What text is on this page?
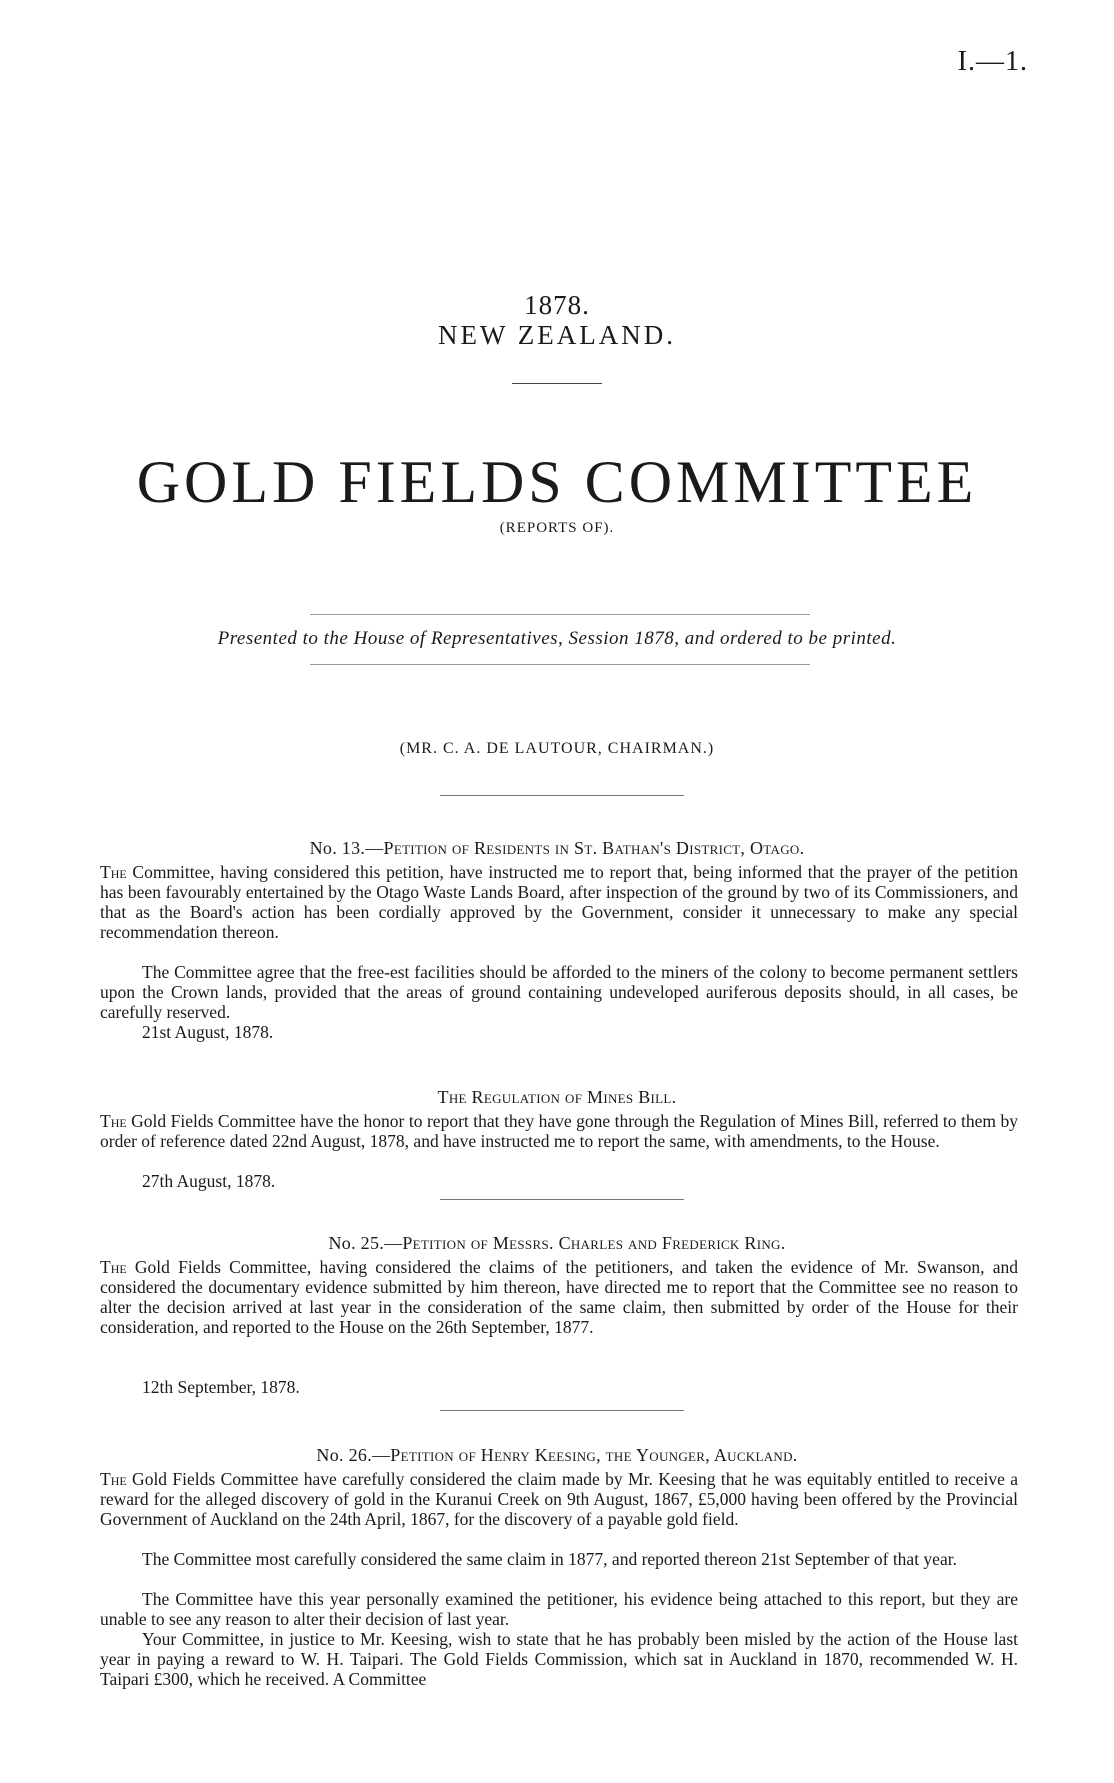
I.—1.
1878.
NEW ZEALAND.
GOLD FIELDS COMMITTEE
(REPORTS OF).
Presented to the House of Representatives, Session 1878, and ordered to be printed.
(MR. C. A. DE LAUTOUR, CHAIRMAN.)
No. 13.—Petition of Residents in St. Bathan's District, Otago.

The Committee, having considered this petition, have instructed me to report that, being informed that the prayer of the petition has been favourably entertained by the Otago Waste Lands Board, after inspection of the ground by two of its Commissioners, and that as the Board's action has been cordially approved by the Government, consider it unnecessary to make any special recommendation thereon.

The Committee agree that the free-est facilities should be afforded to the miners of the colony to become permanent settlers upon the Crown lands, provided that the areas of ground containing undeveloped auriferous deposits should, in all cases, be carefully reserved.

21st August, 1878.
The Regulation of Mines Bill.

The Gold Fields Committee have the honor to report that they have gone through the Regulation of Mines Bill, referred to them by order of reference dated 22nd August, 1878, and have instructed me to report the same, with amendments, to the House.

27th August, 1878.
No. 25.—Petition of Messrs. Charles and Frederick Ring.

The Gold Fields Committee, having considered the claims of the petitioners, and taken the evidence of Mr. Swanson, and considered the documentary evidence submitted by him thereon, have directed me to report that the Committee see no reason to alter the decision arrived at last year in the consideration of the same claim, then submitted by order of the House for their consideration, and reported to the House on the 26th September, 1877.

12th September, 1878.
No. 26.—Petition of Henry Keesing, the Younger, Auckland.

The Gold Fields Committee have carefully considered the claim made by Mr. Keesing that he was equitably entitled to receive a reward for the alleged discovery of gold in the Kuranui Creek on 9th August, 1867, £5,000 having been offered by the Provincial Government of Auckland on the 24th April, 1867, for the discovery of a payable gold field.

The Committee most carefully considered the same claim in 1877, and reported thereon 21st September of that year.

The Committee have this year personally examined the petitioner, his evidence being attached to this report, but they are unable to see any reason to alter their decision of last year.

Your Committee, in justice to Mr. Keesing, wish to state that he has probably been misled by the action of the House last year in paying a reward to W. H. Taipari. The Gold Fields Commission, which sat in Auckland in 1870, recommended W. H. Taipari £300, which he received. A Committee
